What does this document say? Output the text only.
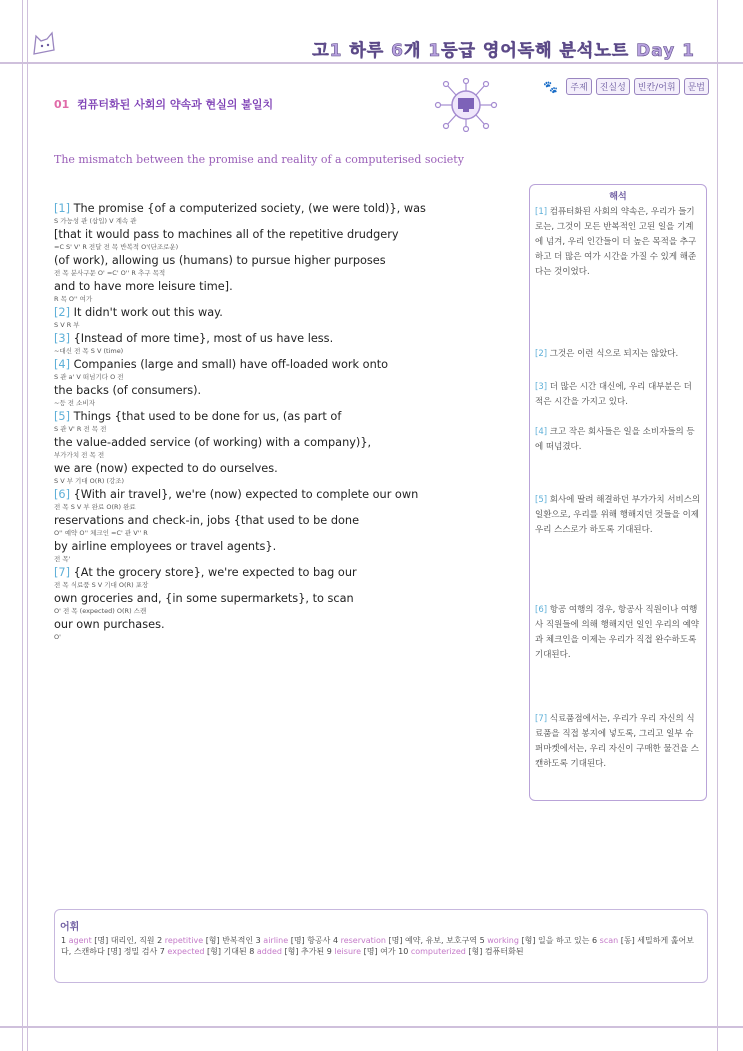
고1 하루 6개 1등급 영어독해 분석노트 Day 1
🐾	주제	진실성	빈칸/어휘	문법
01 컴퓨터화된 사회의 약속과 현실의 불일치
The mismatch between the promise and reality of a computerised society
[1] The promise {of a computerized society, (we were told)}, was
S 가능성 관 (삽입) V 계속 관
[that it would pass to machines all of the repetitive drudgery
=C S' V' R 전달 전 목 반복적 O'(단조로운)
(of work), allowing us (humans) to pursue higher purposes
전 목 분사구문 O' =C' O'' R 추구 목적
and to have more leisure time].
R 목 O'' 여가
[2] It didn't work out this way.
S V R 부
[3] {Instead of more time}, most of us have less.
~대신 전 목 S V (time)
[4] Companies (large and small) have off-loaded work onto
S 관 a' V 떠넘기다 O 전
the backs (of consumers).
~등 전 소비자
[5] Things {that used to be done for us, (as part of
S 관 V' R 전 목 전
the value-added service (of working) with a company)},
부가가치 전 목 전
we are (now) expected to do ourselves.
S V 부 기대 O(R) (강조)
[6] {With air travel}, we're (now) expected to complete our own
전 목 S V 부 완료 O(R) 완료
reservations and check-in, jobs {that used to be done
O'' 예약 O'' 체크인 =C' 관 V'' R
by airline employees or travel agents}.
전 목'
[7] {At the grocery store}, we're expected to bag our
전 목 식료품 S V 기대 O(R) 포장
own groceries and, {in some supermarkets}, to scan
O' 전 목 (expected) O(R) 스캔
our own purchases.
O'
해석
[1] 컴퓨터화된 사회의 약속은, 우리가 들기로는, 그것이 모든 반복적인 고된 일을 기계에 넘겨, 우리 인간들이 더 높은 목적을 추구하고 더 많은 여가 시간을 가질 수 있게 해준다는 것이었다.
[2] 그것은 이런 식으로 되지는 않았다.
[3] 더 많은 시간 대신에, 우리 대부분은 더 적은 시간을 가지고 있다.
[4] 크고 작은 회사들은 일을 소비자들의 등에 떠넘겼다.
[5] 회사에 딸려 해결하던 부가가치 서비스의 일환으로, 우리를 위해 행해지던 것들을 이제 우리 스스로가 하도록 기대된다.
[6] 항공 여행의 경우, 항공사 직원이나 여행사 직원들에 의해 행해지던 일인 우리의 예약과 체크인을 이제는 우리가 직접 완수하도록 기대된다.
[7] 식료품점에서는, 우리가 우리 자신의 식료품을 직접 봉지에 넣도록, 그리고 일부 슈퍼마켓에서는, 우리 자신이 구매한 물건을 스캔하도록 기대된다.
어휘
1 agent [명] 대리인, 직원 2 repetitive [형] 반복적인 3 airline [명] 항공사 4 reservation [명] 예약, 유보, 보호구역 5 working [형] 일을 하고 있는 6 scan [동] 세밀하게 훑어보다, 스캔하다 [명] 정밀 검사 7 expected [형] 기대된 8 added [형] 추가된 9 leisure [명] 여가 10 computerized [형] 컴퓨터화된
